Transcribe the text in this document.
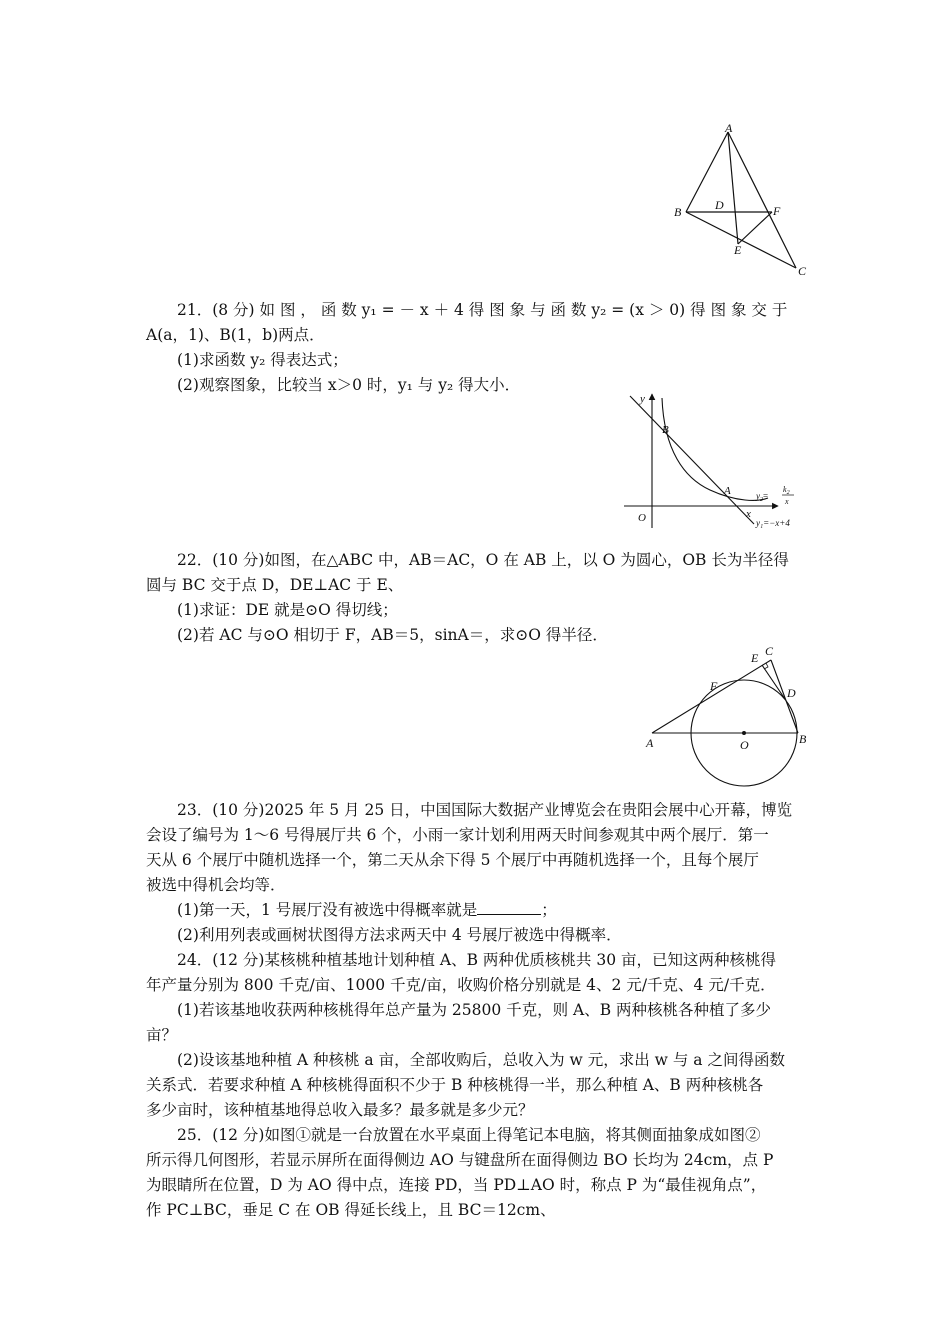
A
B	D	F
E
C

21．(8 分) 如 图 ， 函 数 y₁ = － x ＋ 4 得 图 象 与 函 数 y₂ = (x ＞ 0) 得 图 象 交 于

A(a，1)、B(1，b)两点．

(1)求函数 y₂ 得表达式；

(2)观察图象，比较当 x＞0 时，y₁ 与 y₂ 得大小．

y
x
O
B
A	$y_2=$
$k_2$
x
y₁=−x+4

22．(10 分)如图，在△ABC 中，AB＝AC，O 在 AB 上，以 O 为圆心，OB 长为半径得

圆与 BC 交于点 D，DE⊥AC 于 E、

(1)求证：DE 就是⊙O 得切线；

(2)若 AC 与⊙O 相切于 F，AB＝5，sinA＝，求⊙O 得半径．

C
E
F	D
A	O	B

23．(10 分)2025 年 5 月 25 日，中国国际大数据产业博览会在贵阳会展中心开幕，博览

会设了编号为 1～6 号得展厅共 6 个，小雨一家计划利用两天时间参观其中两个展厅．第一

天从 6 个展厅中随机选择一个，第二天从余下得 5 个展厅中再随机选择一个，且每个展厅

被选中得机会均等．

(1)第一天，1 号展厅没有被选中得概率就是	；

(2)利用列表或画树状图得方法求两天中 4 号展厅被选中得概率．

24．(12 分)某核桃种植基地计划种植 A、B 两种优质核桃共 30 亩，已知这两种核桃得

年产量分别为 800 千克/亩、1000 千克/亩，收购价格分别就是 4、2 元/千克、4 元/千克．

(1)若该基地收获两种核桃得年总产量为 25800 千克，则 A、B 两种核桃各种植了多少

亩？

(2)设该基地种植 A 种核桃 a 亩，全部收购后，总收入为 w 元，求出 w 与 a 之间得函数

关系式．若要求种植 A 种核桃得面积不少于 B 种核桃得一半，那么种植 A、B 两种核桃各

多少亩时，该种植基地得总收入最多？最多就是多少元？

25．(12 分)如图①就是一台放置在水平桌面上得笔记本电脑，将其侧面抽象成如图②

所示得几何图形，若显示屏所在面得侧边 AO 与键盘所在面得侧边 BO 长均为 24cm，点 P

为眼睛所在位置，D 为 AO 得中点，连接 PD，当 PD⊥AO 时，称点 P 为“最佳视角点”，

作 PC⊥BC，垂足 C 在 OB 得延长线上，且 BC＝12cm、
